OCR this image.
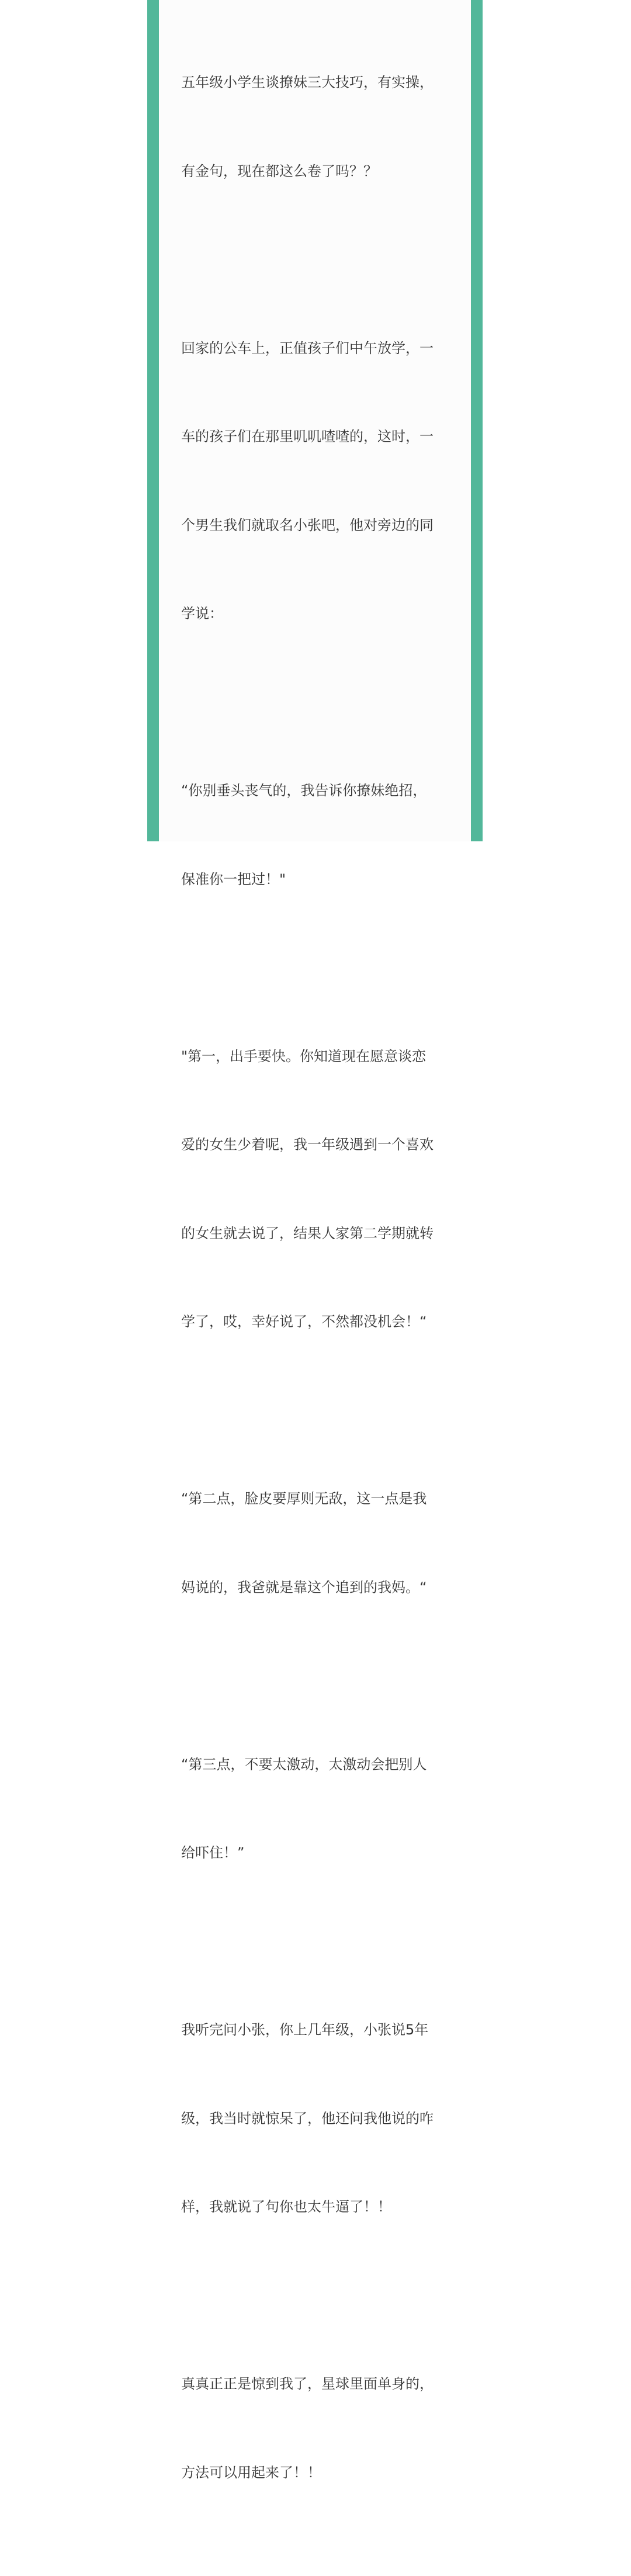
五年级小学生谈撩妹三大技巧，有实操，

有金句，现在都这么卷了吗？？

回家的公车上，正值孩子们中午放学，一

车的孩子们在那里叽叽喳喳的，这时，一

个男生我们就取名小张吧，他对旁边的同

学说：

“你别垂头丧气的，我告诉你撩妹绝招，

保准你一把过！"

"第一，出手要快。你知道现在愿意谈恋

爱的女生少着呢，我一年级遇到一个喜欢

的女生就去说了，结果人家第二学期就转

学了，哎，幸好说了，不然都没机会！“

“第二点，脸皮要厚则无敌，这一点是我

妈说的，我爸就是靠这个追到的我妈。“

“第三点，不要太激动，太激动会把别人

给吓住！”

我听完问小张，你上几年级，小张说5年

级，我当时就惊呆了，他还问我他说的咋

样，我就说了句你也太牛逼了！！

真真正正是惊到我了，星球里面单身的，

方法可以用起来了！！
